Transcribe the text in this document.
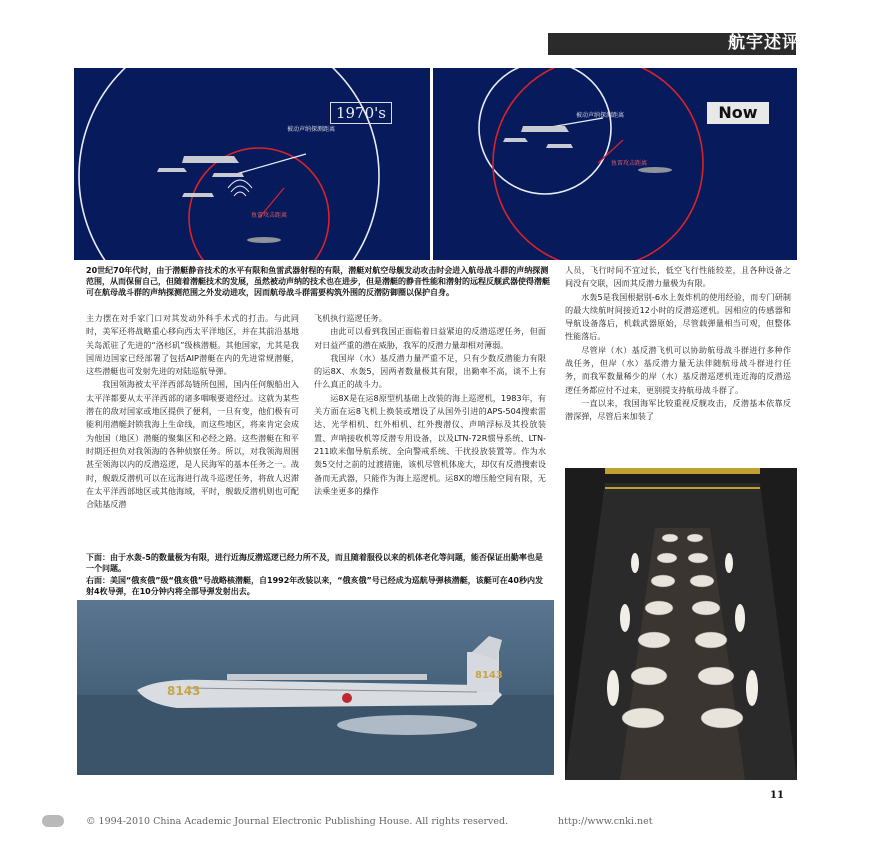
航宇述评
1970's
被动声纳探测距离
鱼雷攻击距离
Now
被动声纳探测距离
鱼雷攻击距离
20世纪70年代时，由于潜艇静音技术的水平有限和鱼雷武器射程的有限，潜艇对航空母舰发动攻击时会进入航母战斗群的声纳探测范围，从而保留自己，但随着潜艇技术的发展，虽然被动声纳的技术也在进步，但是潜艇的静音性能和潜射的远程反舰武器使得潜艇可在航母战斗群的声纳探测范围之外发动进攻，因而航母战斗群需要构筑外围的反潜防御圈以保护自身。

主力摆在对手家门口对其发动外科手术式的打击。与此同时，美军还将战略重心移向西太平洋地区，并在其前沿基地关岛派驻了先进的“洛杉矶”级核潜艇。其他国家，尤其是我国周边国家已经部署了包括AIP潜艇在内的先进常规潜艇，这些潜艇也可发射先进的对陆巡航导弹。

我国领海被太平洋西部岛链所包围，国内任何舰船出入太平洋都要从太平洋西部的诸多咽喉要道经过。这就为某些潜在的敌对国家或地区提供了便利，一旦有变，他们极有可能利用潜艇封锁我海上生命线，而这些地区，将来肯定会成为他国（地区）潜艇的聚集区和必经之路。这些潜艇在和平时期还担负对我领海的各种侦察任务。所以，对我领海周围甚至领海以内的反潜巡逻，是人民海军的基本任务之一。战时，舰载反潜机可以在远海进行战斗巡逻任务，将敌人迟滞在太平洋西部地区或其他海域，平时，舰载反潜机则也可配合陆基反潜

飞机执行巡逻任务。

由此可以看到我国正面临着日益紧迫的反潜巡逻任务，但面对日益严重的潜在威胁，我军的反潜力量却相对薄弱。

我国岸（水）基反潜力量严重不足，只有少数反潜能力有限的运8X、水轰5，因两者数量极其有限，出勤率不高，谈不上有什么真正的战斗力。

运8X是在运8原型机基础上改装的海上巡逻机，1983年，有关方面在运8飞机上换装或增设了从国外引进的APS-504搜索雷达、光学相机、红外相机、红外搜潜仪、声呐浮标及其投放装置、声呐接收机等反潜专用设备，以及LTN-72R惯导系统、LTN-211欧米伽导航系统、全向警戒系统、干扰投放装置等。作为水轰5交付之前的过渡措施，该机尽管机体庞大，却仅有反潜搜索设备而无武器，只能作为海上巡逻机。运8X的增压舱空间有限，无法乘坐更多的操作

人员，飞行时间不宜过长，低空飞行性能较差，且各种设备之间没有交联，因而其反潜力量极为有限。

水轰5是我国根据别-6水上轰炸机的使用经验，而专门研制的最大续航时间接近12小时的反潜巡逻机。因相应的传感器和导航设备落后，机载武器原始，尽管载弹量相当可观，但整体性能落后。

尽管岸（水）基反潜飞机可以协助航母战斗群进行多种作战任务，但岸（水）基反潜力量无法伴随航母战斗群进行任务，而我军数量稀少的岸（水）基反潜巡逻机连近海的反潜巡逻任务都应付不过来，更别提支持航母战斗群了。

一直以来，我国海军比较重视反舰攻击，反潜基本依靠反潜深弹，尽管后来加装了

下面：由于水轰-5的数量极为有限，进行近海反潜巡逻已经力所不及，而且随着服役以来的机体老化等问题，能否保证出勤率也是一个问题。
右面：美国“俄亥俄”级“俄亥俄”号战略核潜艇，自1992年改装以来，“俄亥俄”号已经成为巡航导弹核潜艇，该艇可在40秒内发射4枚导弹，在10分钟内将全部导弹发射出去。
8143
8143
11
© 1994-2010 China Academic Journal Electronic Publishing House. All rights reserved.	http://www.cnki.net
